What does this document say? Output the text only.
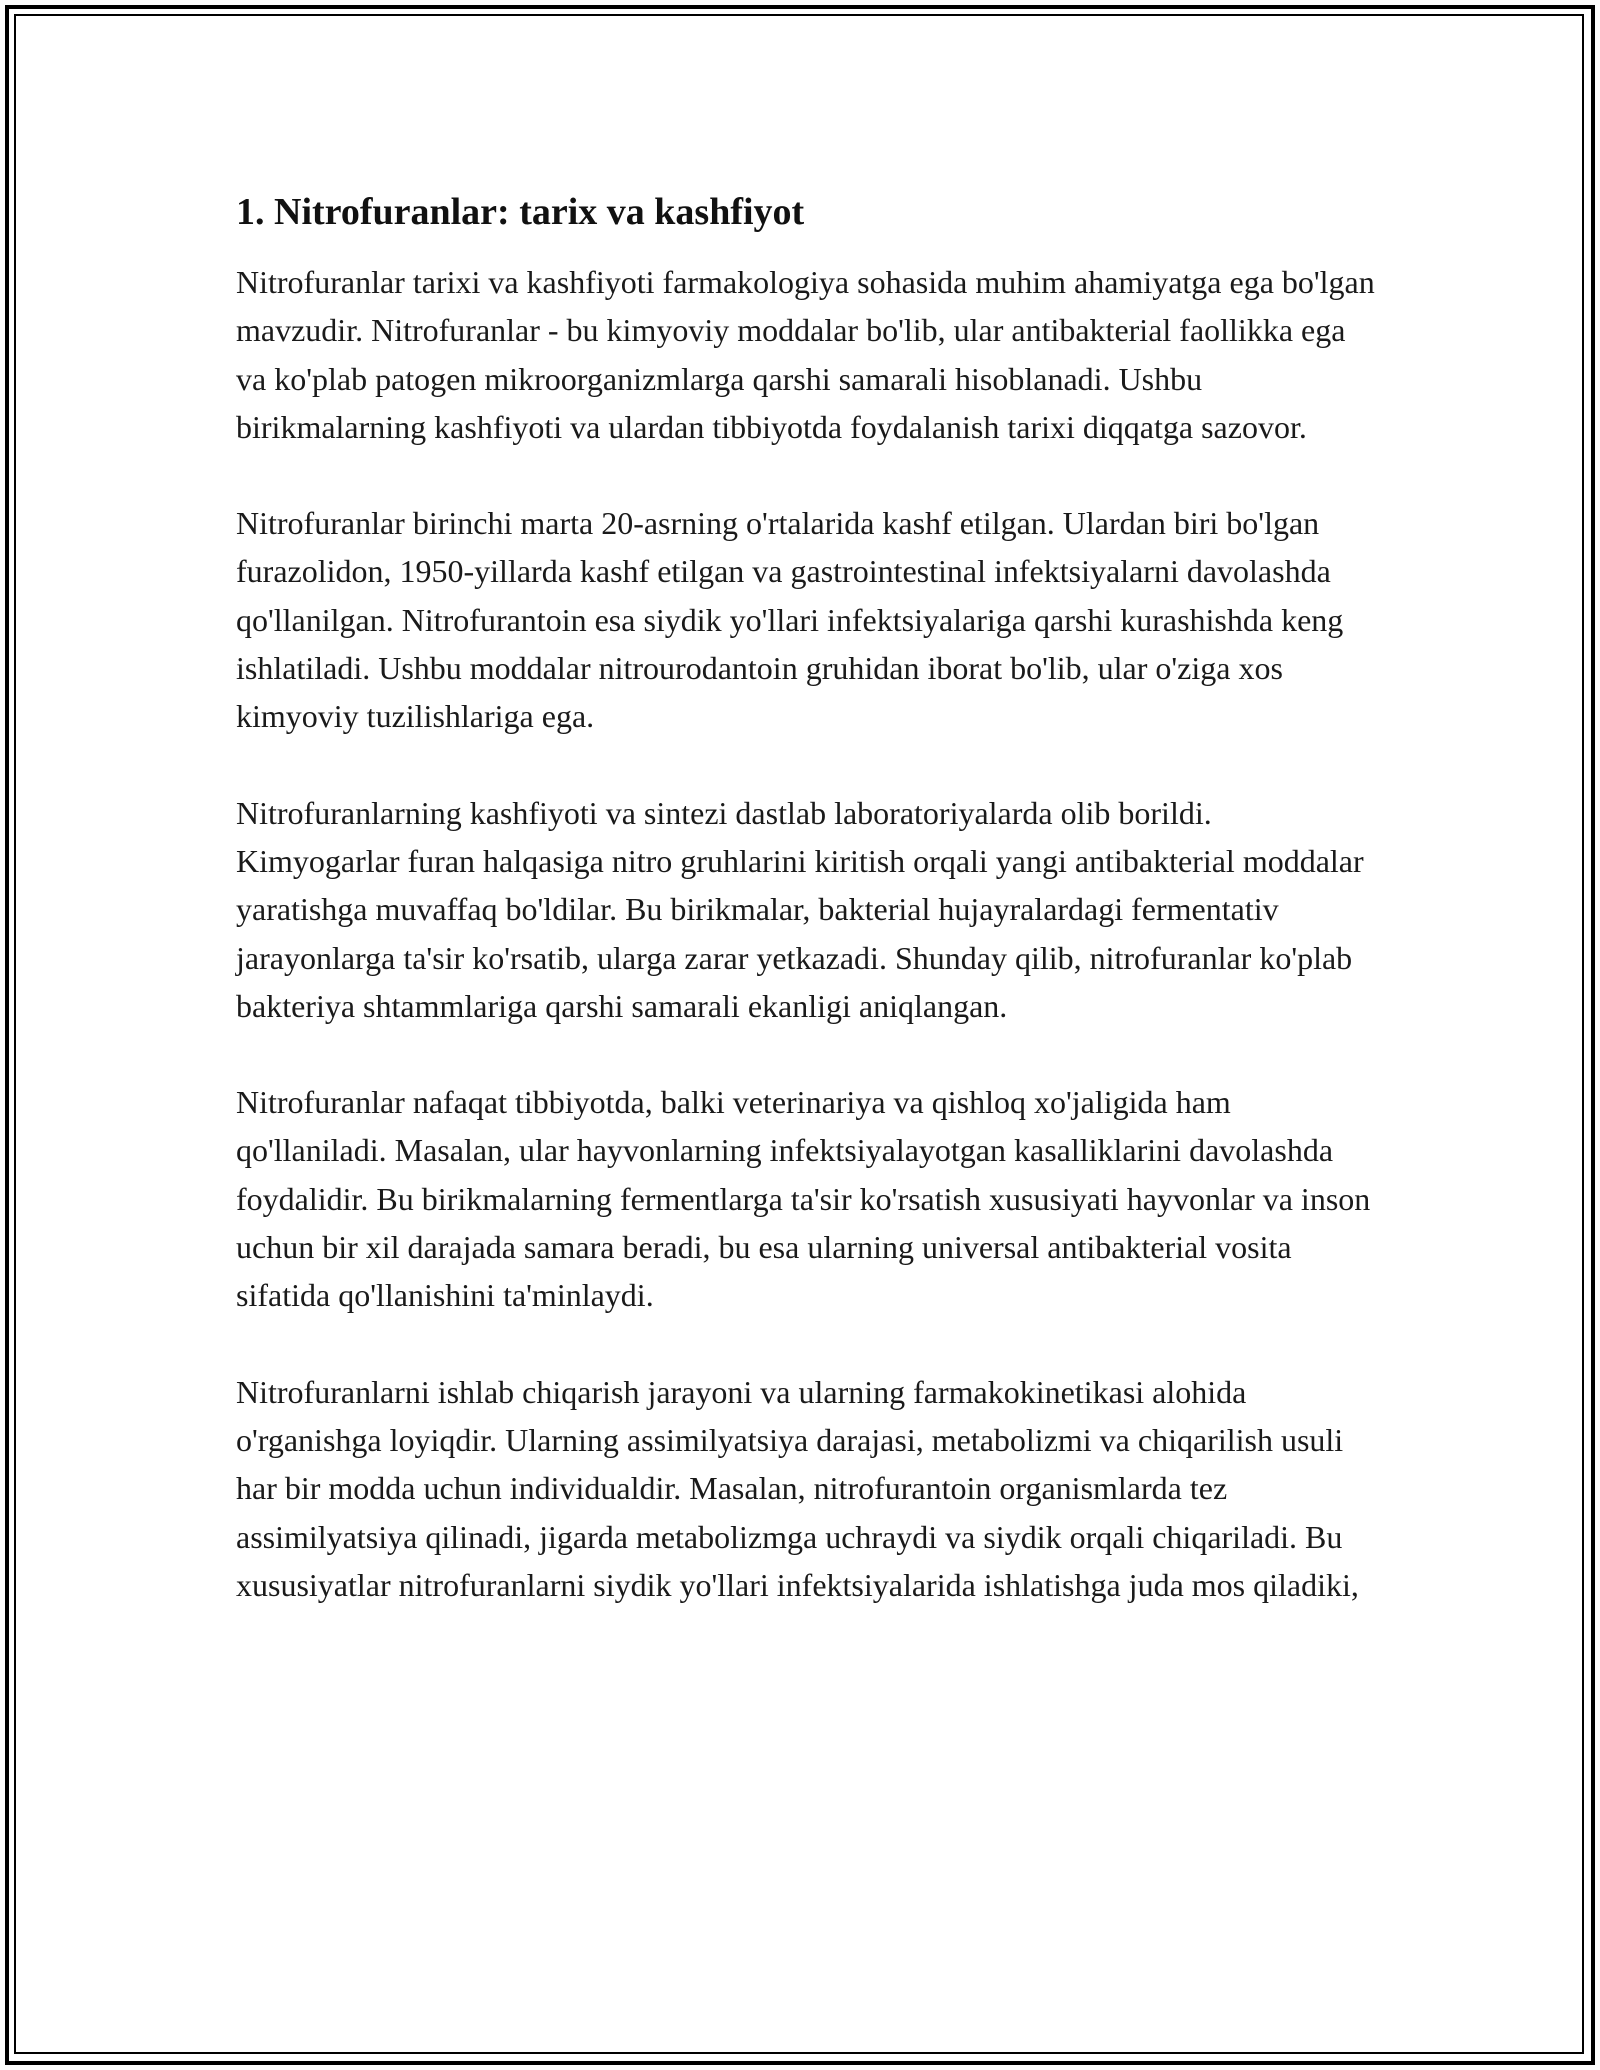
1. Nitrofuranlar: tarix va kashfiyot

Nitrofuranlar tarixi va kashfiyoti farmakologiya sohasida muhim ahamiyatga ega bo'lgan mavzudir. Nitrofuranlar - bu kimyoviy moddalar bo'lib, ular antibakterial faollikka ega va ko'plab patogen mikroorganizmlarga qarshi samarali hisoblanadi. Ushbu birikmalarning kashfiyoti va ulardan tibbiyotda foydalanish tarixi diqqatga sazovor.

Nitrofuranlar birinchi marta 20-asrning o'rtalarida kashf etilgan. Ulardan biri bo'lgan furazolidon, 1950-yillarda kashf etilgan va gastrointestinal infektsiyalarni davolashda qo'llanilgan. Nitrofurantoin esa siydik yo'llari infektsiyalariga qarshi kurashishda keng ishlatiladi. Ushbu moddalar nitrourodantoin gruhidan iborat bo'lib, ular o'ziga xos kimyoviy tuzilishlariga ega.

Nitrofuranlarning kashfiyoti va sintezi dastlab laboratoriyalarda olib borildi. Kimyogarlar furan halqasiga nitro gruhlarini kiritish orqali yangi antibakterial moddalar yaratishga muvaffaq bo'ldilar. Bu birikmalar, bakterial hujayralardagi fermentativ jarayonlarga ta'sir ko'rsatib, ularga zarar yetkazadi. Shunday qilib, nitrofuranlar ko'plab bakteriya shtammlariga qarshi samarali ekanligi aniqlangan.

Nitrofuranlar nafaqat tibbiyotda, balki veterinariya va qishloq xo'jaligida ham qo'llaniladi. Masalan, ular hayvonlarning infektsiyalayotgan kasalliklarini davolashda foydalidir. Bu birikmalarning fermentlarga ta'sir ko'rsatish xususiyati hayvonlar va inson uchun bir xil darajada samara beradi, bu esa ularning universal antibakterial vosita sifatida qo'llanishini ta'minlaydi.

Nitrofuranlarni ishlab chiqarish jarayoni va ularning farmakokinetikasi alohida o'rganishga loyiqdir. Ularning assimilyatsiya darajasi, metabolizmi va chiqarilish usuli har bir modda uchun individualdir. Masalan, nitrofurantoin organismlarda tez assimilyatsiya qilinadi, jigarda metabolizmga uchraydi va siydik orqali chiqariladi. Bu xususiyatlar nitrofuranlarni siydik yo'llari infektsiyalarida ishlatishga juda mos qiladiki,
